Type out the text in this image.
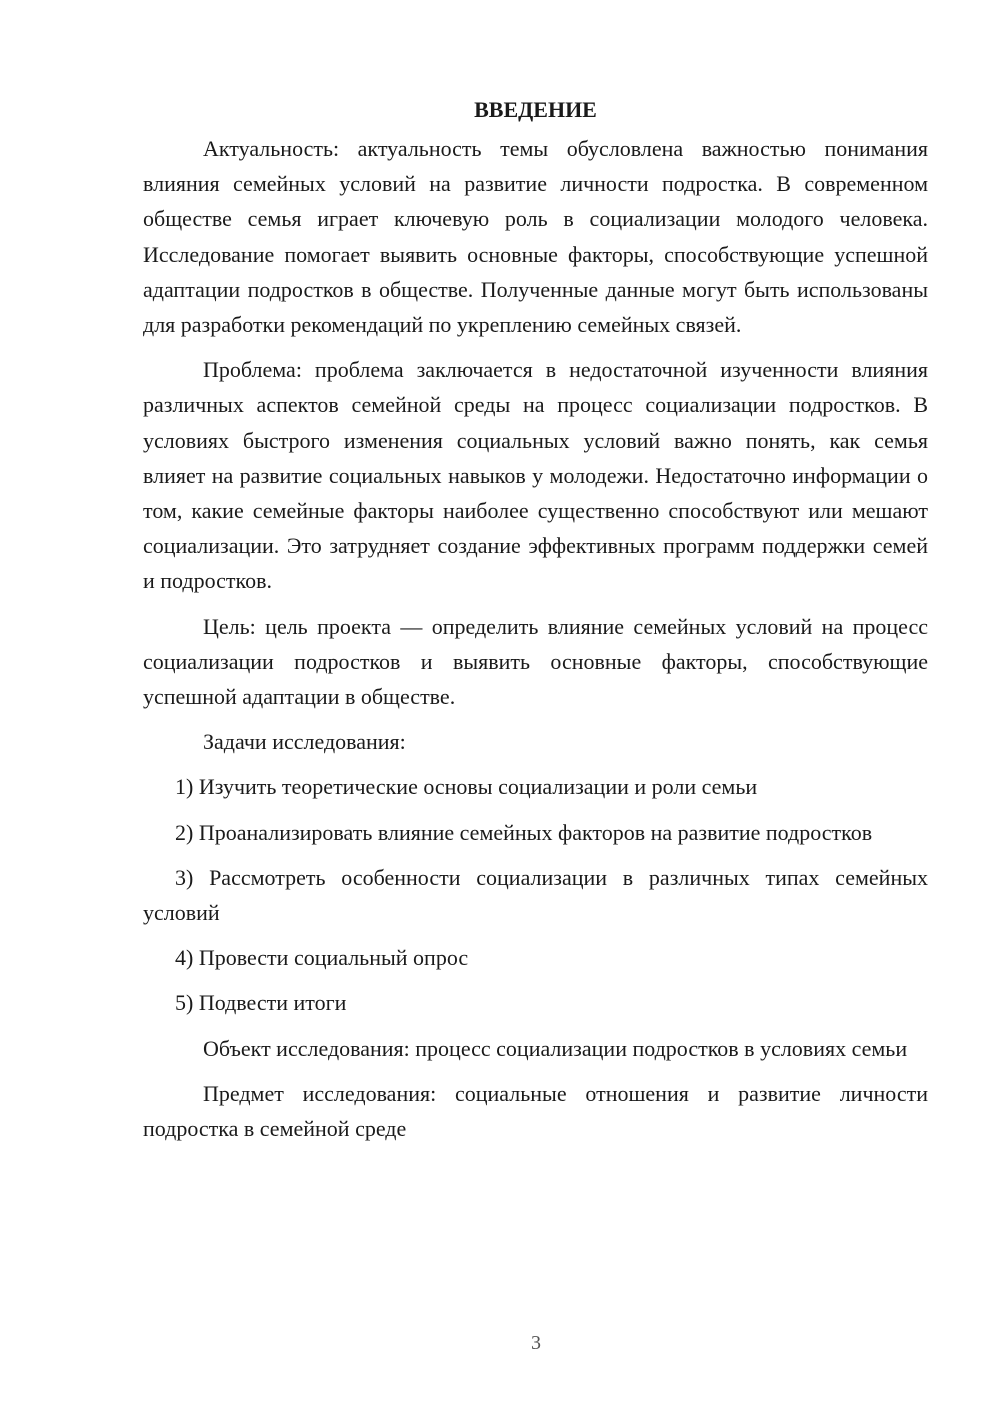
ВВЕДЕНИЕ

Актуальность: актуальность темы обусловлена важностью понимания влияния семейных условий на развитие личности подростка. В современном обществе семья играет ключевую роль в социализации молодого человека. Исследование помогает выявить основные факторы, способствующие успешной адаптации подростков в обществе. Полученные данные могут быть использованы для разработки рекомендаций по укреплению семейных связей.

Проблема: проблема заключается в недостаточной изученности влияния различных аспектов семейной среды на процесс социализации подростков. В условиях быстрого изменения социальных условий важно понять, как семья влияет на развитие социальных навыков у молодежи. Недостаточно информации о том, какие семейные факторы наиболее существенно способствуют или мешают социализации. Это затрудняет создание эффективных программ поддержки семей и подростков.

Цель: цель проекта — определить влияние семейных условий на процесс социализации подростков и выявить основные факторы, способствующие успешной адаптации в обществе.

Задачи исследования:

1) Изучить теоретические основы социализации и роли семьи

2) Проанализировать влияние семейных факторов на развитие подростков

3) Рассмотреть особенности социализации в различных типах семейных условий

4) Провести социальный опрос

5) Подвести итоги

Объект исследования: процесс социализации подростков в условиях семьи

Предмет исследования: социальные отношения и развитие личности подростка в семейной среде

3
